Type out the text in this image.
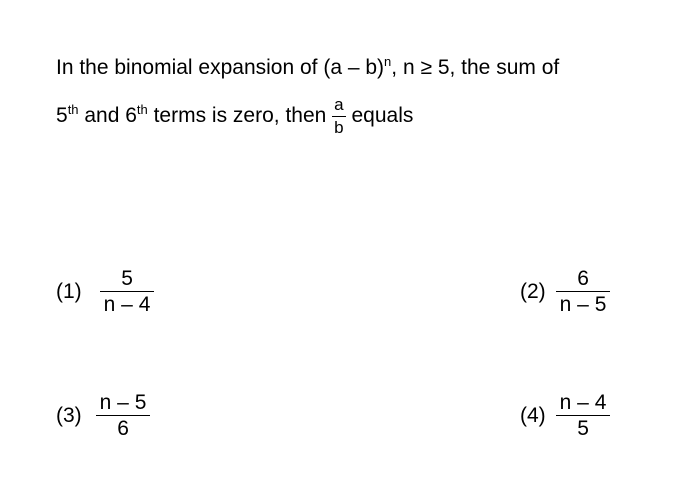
In the binomial expansion of (a – b)$^n$, n ≥ 5, the sum of
5th and 6th terms is zero, then $\frac{a}{b}$ equals
$(1) \frac{5}{n - 4}$	$(2) \frac{6}{n - 5}$
$(3) \frac{n - 5}{6}$	$(4) \frac{n - 4}{5}$
